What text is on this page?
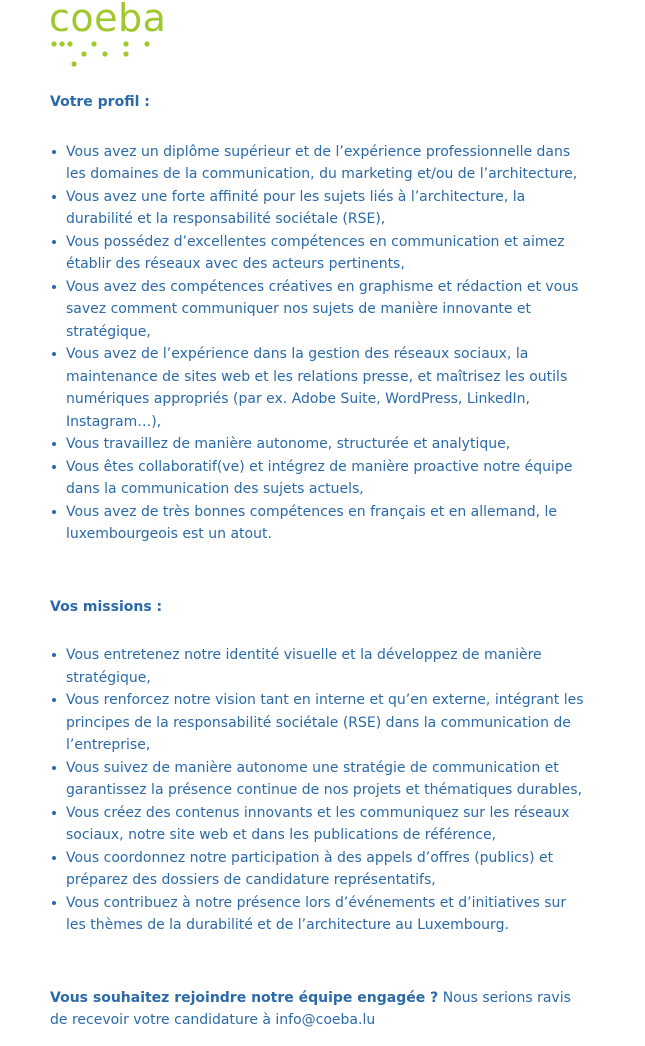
coeba

Votre profil :

Vous avez un diplôme supérieur et de l’expérience professionnelle dans les domaines de la communication, du marketing et/ou de l’architecture,
Vous avez une forte affinité pour les sujets liés à l’architecture, la durabilité et la responsabilité sociétale (RSE),
Vous possédez d’excellentes compétences en communication et aimez établir des réseaux avec des acteurs pertinents,
Vous avez des compétences créatives en graphisme et rédaction et vous savez comment communiquer nos sujets de manière innovante et stratégique,
Vous avez de l’expérience dans la gestion des réseaux sociaux, la maintenance de sites web et les relations presse, et maîtrisez les outils numériques appropriés (par ex. Adobe Suite, WordPress, LinkedIn, Instagram…),
Vous travaillez de manière autonome, structurée et analytique,
Vous êtes collaboratif(ve) et intégrez de manière proactive notre équipe dans la communication des sujets actuels,
Vous avez de très bonnes compétences en français et en allemand, le luxembourgeois est un atout.

Vos missions :

Vous entretenez notre identité visuelle et la développez de manière stratégique,
Vous renforcez notre vision tant en interne et qu’en externe, intégrant les principes de la responsabilité sociétale (RSE) dans la communication de l’entreprise,
Vous suivez de manière autonome une stratégie de communication et garantissez la présence continue de nos projets et thématiques durables,
Vous créez des contenus innovants et les communiquez sur les réseaux sociaux, notre site web et dans les publications de référence,
Vous coordonnez notre participation à des appels d’offres (publics) et préparez des dossiers de candidature représentatifs,
Vous contribuez à notre présence lors d’événements et d’initiatives sur les thèmes de la durabilité et de l’architecture au Luxembourg.

Vous souhaitez rejoindre notre équipe engagée ? Nous serions ravis de recevoir votre candidature à info@coeba.lu
